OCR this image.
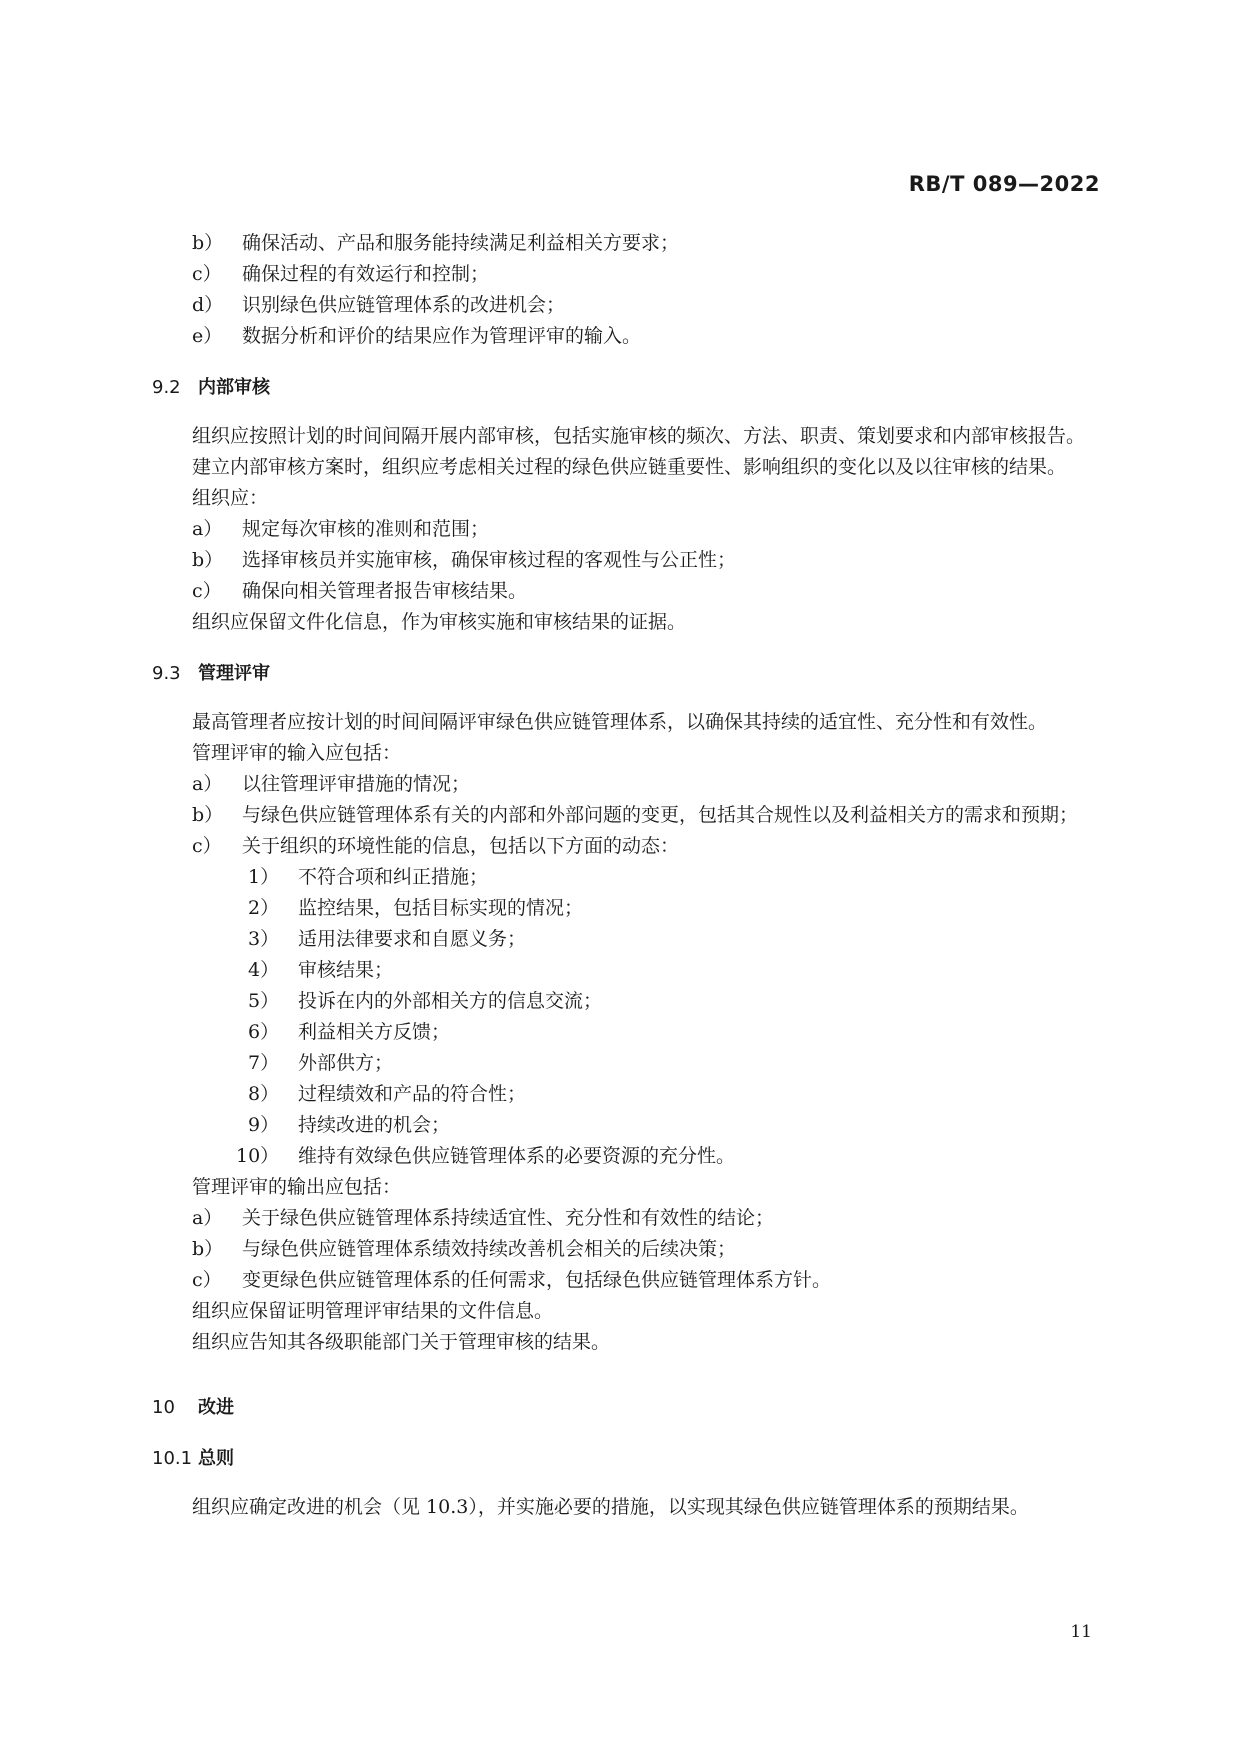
RB/T 089—2022
b） 确保活动、产品和服务能持续满足利益相关方要求；
c） 确保过程的有效运行和控制；
d） 识别绿色供应链管理体系的改进机会；
e） 数据分析和评价的结果应作为管理评审的输入。
9.2 内部审核
组织应按照计划的时间间隔开展内部审核，包括实施审核的频次、方法、职责、策划要求和内部审核报告。
建立内部审核方案时，组织应考虑相关过程的绿色供应链重要性、影响组织的变化以及以往审核的结果。
组织应：
a） 规定每次审核的准则和范围；
b） 选择审核员并实施审核，确保审核过程的客观性与公正性；
c） 确保向相关管理者报告审核结果。
组织应保留文件化信息，作为审核实施和审核结果的证据。
9.3 管理评审
最高管理者应按计划的时间间隔评审绿色供应链管理体系，以确保其持续的适宜性、充分性和有效性。
管理评审的输入应包括：
a） 以往管理评审措施的情况；
b） 与绿色供应链管理体系有关的内部和外部问题的变更，包括其合规性以及利益相关方的需求和预期；
c） 关于组织的环境性能的信息，包括以下方面的动态：
1） 不符合项和纠正措施；
2） 监控结果，包括目标实现的情况；
3） 适用法律要求和自愿义务；
4） 审核结果；
5） 投诉在内的外部相关方的信息交流；
6） 利益相关方反馈；
7） 外部供方；
8） 过程绩效和产品的符合性；
9） 持续改进的机会；
10） 维持有效绿色供应链管理体系的必要资源的充分性。
管理评审的输出应包括：
a） 关于绿色供应链管理体系持续适宜性、充分性和有效性的结论；
b） 与绿色供应链管理体系绩效持续改善机会相关的后续决策；
c） 变更绿色供应链管理体系的任何需求，包括绿色供应链管理体系方针。
组织应保留证明管理评审结果的文件信息。
组织应告知其各级职能部门关于管理审核的结果。
10 改进
10.1 总则
组织应确定改进的机会（见 10.3），并实施必要的措施，以实现其绿色供应链管理体系的预期结果。
11
